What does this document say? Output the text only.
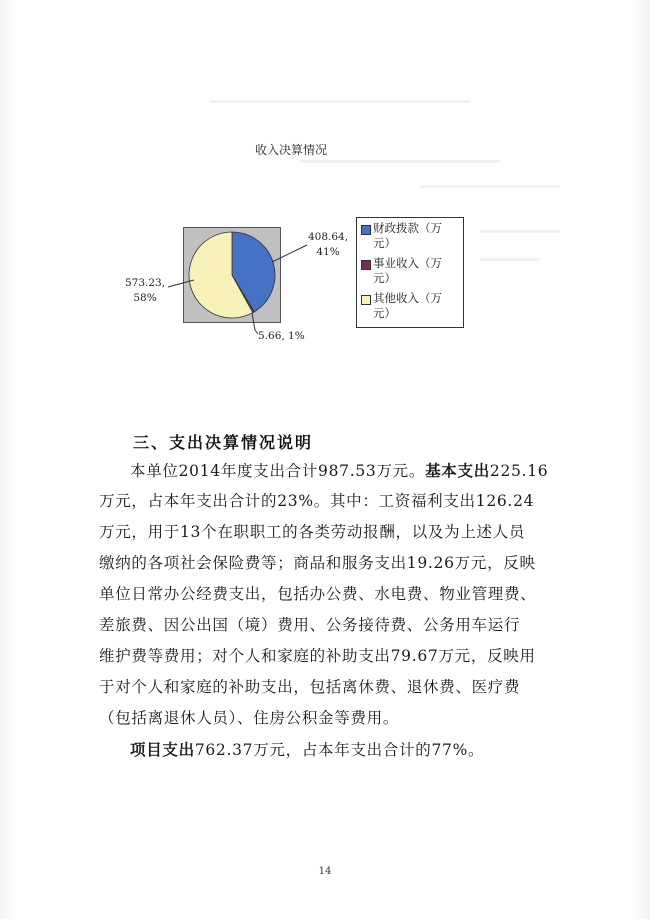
收入决算情况
408.64,
41%
573.23,
58%
5.66, 1%
财政拨款（万
元）
事业收入（万
元）
其他收入（万
元）
三、支出决算情况说明
本单位2014年度支出合计987.53万元。基本支出225.16
万元，占本年支出合计的23%。其中：工资福利支出126.24
万元，用于13个在职职工的各类劳动报酬，以及为上述人员
缴纳的各项社会保险费等；商品和服务支出19.26万元，反映
单位日常办公经费支出，包括办公费、水电费、物业管理费、
差旅费、因公出国（境）费用、公务接待费、公务用车运行
维护费等费用；对个人和家庭的补助支出79.67万元，反映用
于对个人和家庭的补助支出，包括离休费、退休费、医疗费
（包括离退休人员）、住房公积金等费用。
项目支出762.37万元，占本年支出合计的77%。
14
